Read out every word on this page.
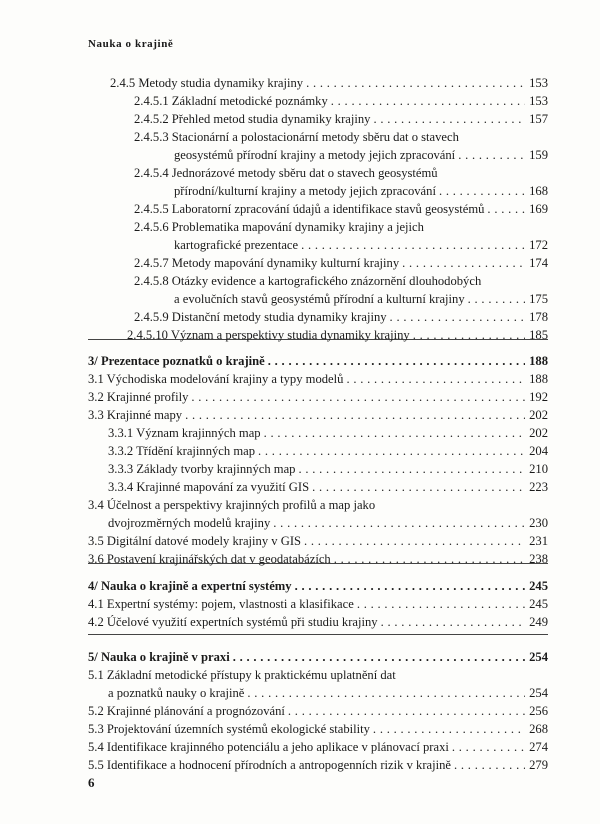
Nauka o krajině
2.4.5 Metody studia dynamiky krajiny . . .	153
2.4.5.1 Základní metodické poznámky . . .	153
2.4.5.2 Přehled metod studia dynamiky krajiny . . .	157
2.4.5.3 Stacionární a polostacionární metody sběru dat o stavech
geosystémů přírodní krajiny a metody jejich zpracování . . .	159
2.4.5.4 Jednorázové metody sběru dat o stavech geosystémů
přírodní/kulturní krajiny a metody jejich zpracování . . .	168
2.4.5.5 Laboratorní zpracování údajů a identifikace stavů geosystémů . . .	169
2.4.5.6 Problematika mapování dynamiky krajiny a jejich
kartografické prezentace . . .	172
2.4.5.7 Metody mapování dynamiky kulturní krajiny . . .	174
2.4.5.8 Otázky evidence a kartografického znázornění dlouhodobých
a evolučních stavů geosystémů přírodní a kulturní krajiny . . .	175
2.4.5.9 Distanční metody studia dynamiky krajiny . . .	178
2.4.5.10 Význam a perspektivy studia dynamiky krajiny . . .	185
3/ Prezentace poznatků o krajině . . .	188
3.1 Východiska modelování krajiny a typy modelů . . .	188
3.2 Krajinné profily . . .	192
3.3 Krajinné mapy . . .	202
3.3.1 Význam krajinných map . . .	202
3.3.2 Třídění krajinných map . . .	204
3.3.3 Základy tvorby krajinných map . . .	210
3.3.4 Krajinné mapování za využití GIS . . .	223
3.4 Účelnost a perspektivy krajinných profilů a map jako
dvojrozměrných modelů krajiny . . .	230
3.5 Digitální datové modely krajiny v GIS . . .	231
3.6 Postavení krajinářských dat v geodatabázích . . .	238
4/ Nauka o krajině a expertní systémy . . .	245
4.1 Expertní systémy: pojem, vlastnosti a klasifikace . . .	245
4.2 Účelové využití expertních systémů při studiu krajiny . . .	249
5/ Nauka o krajině v praxi . . .	254
5.1 Základní metodické přístupy k praktickému uplatnění dat
a poznatků nauky o krajině . . .	254
5.2 Krajinné plánování a prognózování . . .	256
5.3 Projektování územních systémů ekologické stability . . .	268
5.4 Identifikace krajinného potenciálu a jeho aplikace v plánovací praxi . . .	274
5.5 Identifikace a hodnocení přírodních a antropogenních rizik v krajině . . .	279
6
